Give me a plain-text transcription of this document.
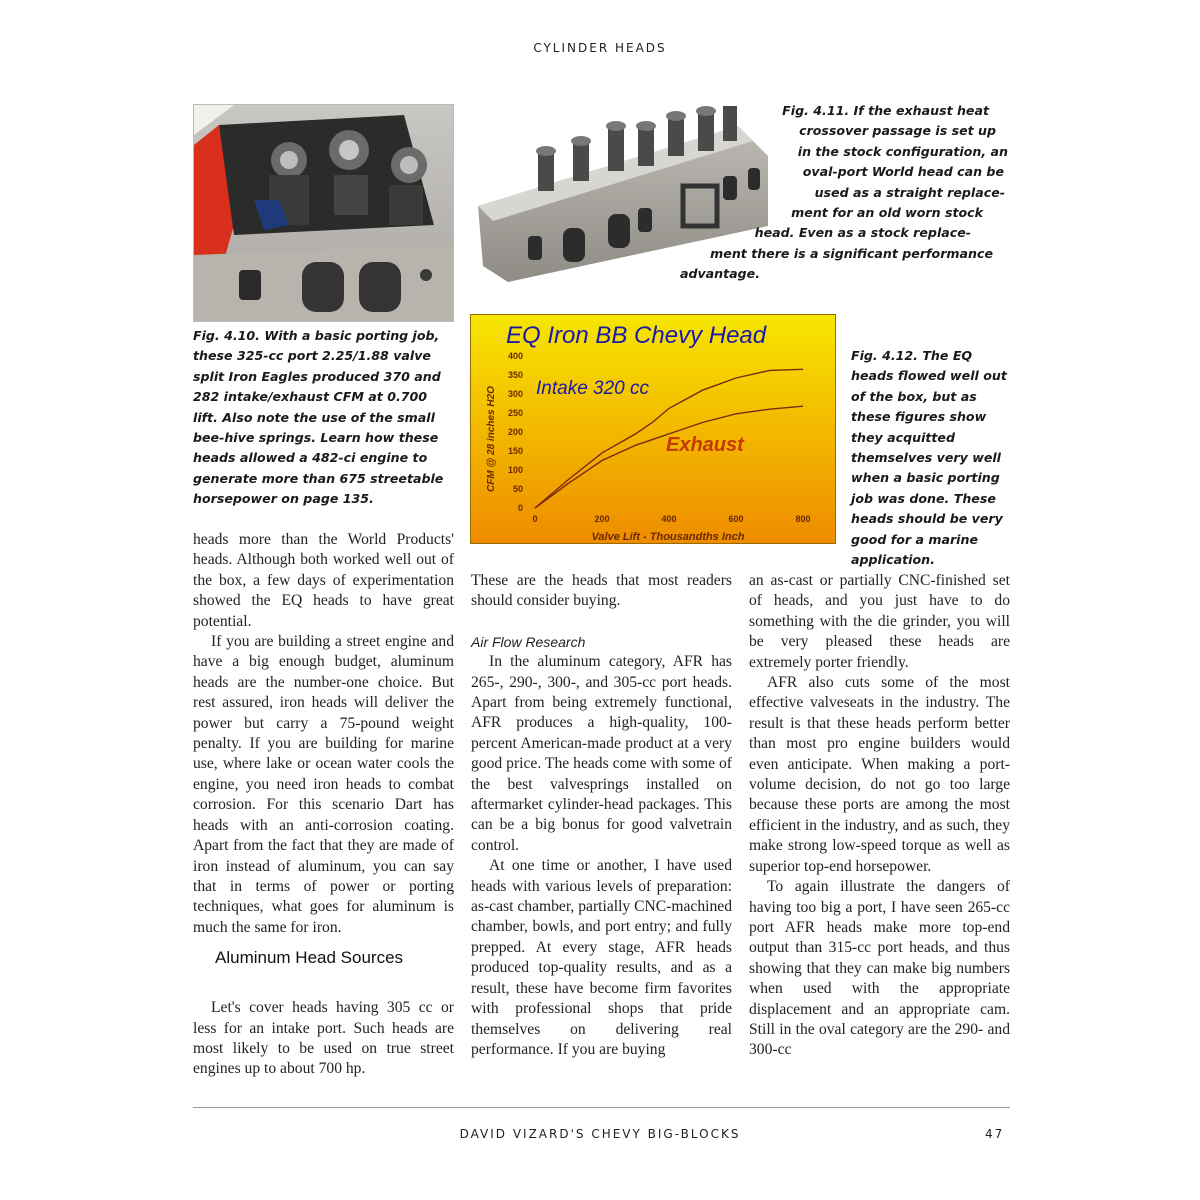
CYLINDER HEADS
Fig. 4.11. If the exhaust heat
crossover passage is set up
in the stock configuration, an
oval-port World head can be
used as a straight replace-
ment for an old worn stock
head. Even as a stock replace-
ment there is a significant performance
advantage.
Fig. 4.10. With a basic porting job, these 325-cc port 2.25/1.88 valve split Iron Eagles produced 370 and 282 intake/exhaust CFM at 0.700 lift. Also note the use of the small bee-hive springs. Learn how these heads allowed a 482-ci engine to generate more than 675 streetable horsepower on page 135.
EQ Iron BB Chevy Head
CFM @ 28 inches H2O
Valve Lift - Thousandths Inch
0
50
100
150
200
250
300
350
400
0	200	400	600	800
Intake 320 cc
Exhaust
Fig. 4.12. The EQ heads flowed well out of the box, but as these figures show they acquitted themselves very well when a basic porting job was done. These heads should be very good for a marine application.

heads more than the World Products' heads. Although both worked well out of the box, a few days of experimentation showed the EQ heads to have great potential.

If you are building a street engine and have a big enough budget, aluminum heads are the number-one choice. But rest assured, iron heads will deliver the power but carry a 75-pound weight penalty. If you are building for marine use, where lake or ocean water cools the engine, you need iron heads to combat corrosion. For this scenario Dart has heads with an anti-corrosion coating. Apart from the fact that they are made of iron instead of aluminum, you can say that in terms of power or porting techniques, what goes for aluminum is much the same for iron.

Aluminum Head Sources

Let's cover heads having 305 cc or less for an intake port. Such heads are most likely to be used on true street engines up to about 700 hp.

These are the heads that most readers should consider buying.

Air Flow Research

In the aluminum category, AFR has 265-, 290-, 300-, and 305-cc port heads. Apart from being extremely functional, AFR produces a high-quality, 100-percent American-made product at a very good price. The heads come with some of the best valvesprings installed on aftermarket cylinder-head packages. This can be a big bonus for good valvetrain control.

At one time or another, I have used heads with various levels of preparation: as-cast chamber, partially CNC-machined chamber, bowls, and port entry; and fully prepped. At every stage, AFR heads produced top-quality results, and as a result, these have become firm favorites with professional shops that pride themselves on delivering real performance. If you are buying

an as-cast or partially CNC-finished set of heads, and you just have to do something with the die grinder, you will be very pleased these heads are extremely porter friendly.

AFR also cuts some of the most effective valveseats in the industry. The result is that these heads perform better than most pro engine builders would even anticipate. When making a port-volume decision, do not go too large because these ports are among the most efficient in the industry, and as such, they make strong low-speed torque as well as superior top-end horsepower.

To again illustrate the dangers of having too big a port, I have seen 265-cc port AFR heads make more top-end output than 315-cc port heads, and thus showing that they can make big numbers when used with the appropriate displacement and an appropriate cam. Still in the oval category are the 290- and 300-cc

DAVID VIZARD'S CHEVY BIG-BLOCKS	47
